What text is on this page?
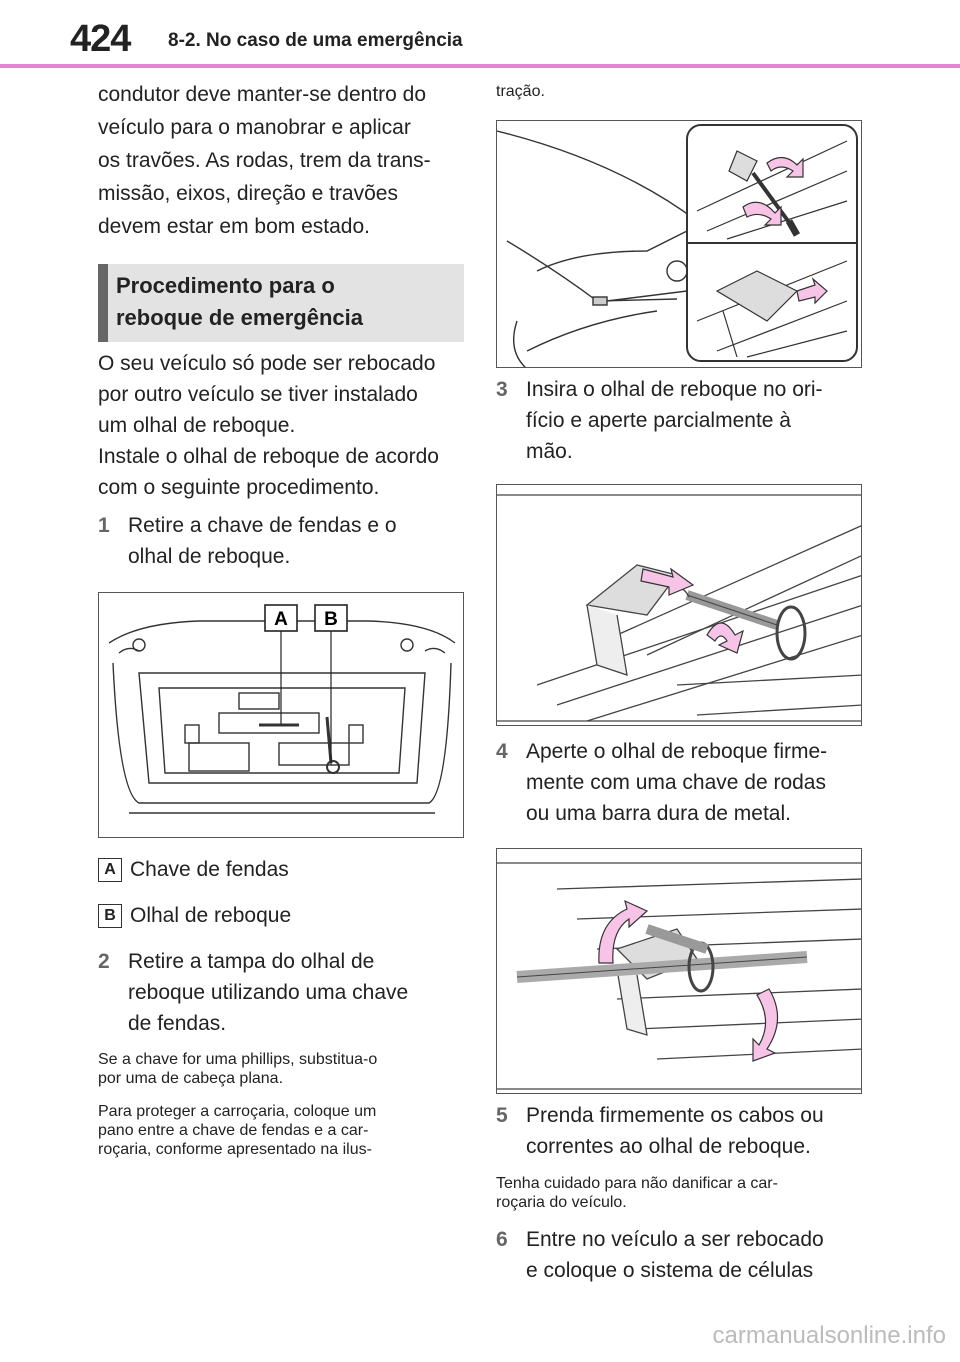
424 8-2. No caso de uma emergência
condutor deve manter-se dentro do
veículo para o manobrar e aplicar
os travões. As rodas, trem da trans-
missão, eixos, direção e travões
devem estar em bom estado.
Procedimento para o
reboque de emergência
O seu veículo só pode ser rebocado
por outro veículo se tiver instalado
um olhal de reboque.
Instale o olhal de reboque de acordo
com o seguinte procedimento.
1 Retire a chave de fendas e o
olhal de reboque.
A B
A Chave de fendas
B Olhal de reboque
2 Retire a tampa do olhal de
reboque utilizando uma chave
de fendas.
Se a chave for uma phillips, substitua-o
por uma de cabeça plana.
Para proteger a carroçaria, coloque um
pano entre a chave de fendas e a car-
roçaria, conforme apresentado na ilus-
tração.
3 Insira o olhal de reboque no ori-
fício e aperte parcialmente à
mão.
4 Aperte o olhal de reboque firme-
mente com uma chave de rodas
ou uma barra dura de metal.
5 Prenda firmemente os cabos ou
correntes ao olhal de reboque.
Tenha cuidado para não danificar a car-
roçaria do veículo.
6 Entre no veículo a ser rebocado
e coloque o sistema de células
carmanualsonline.info
